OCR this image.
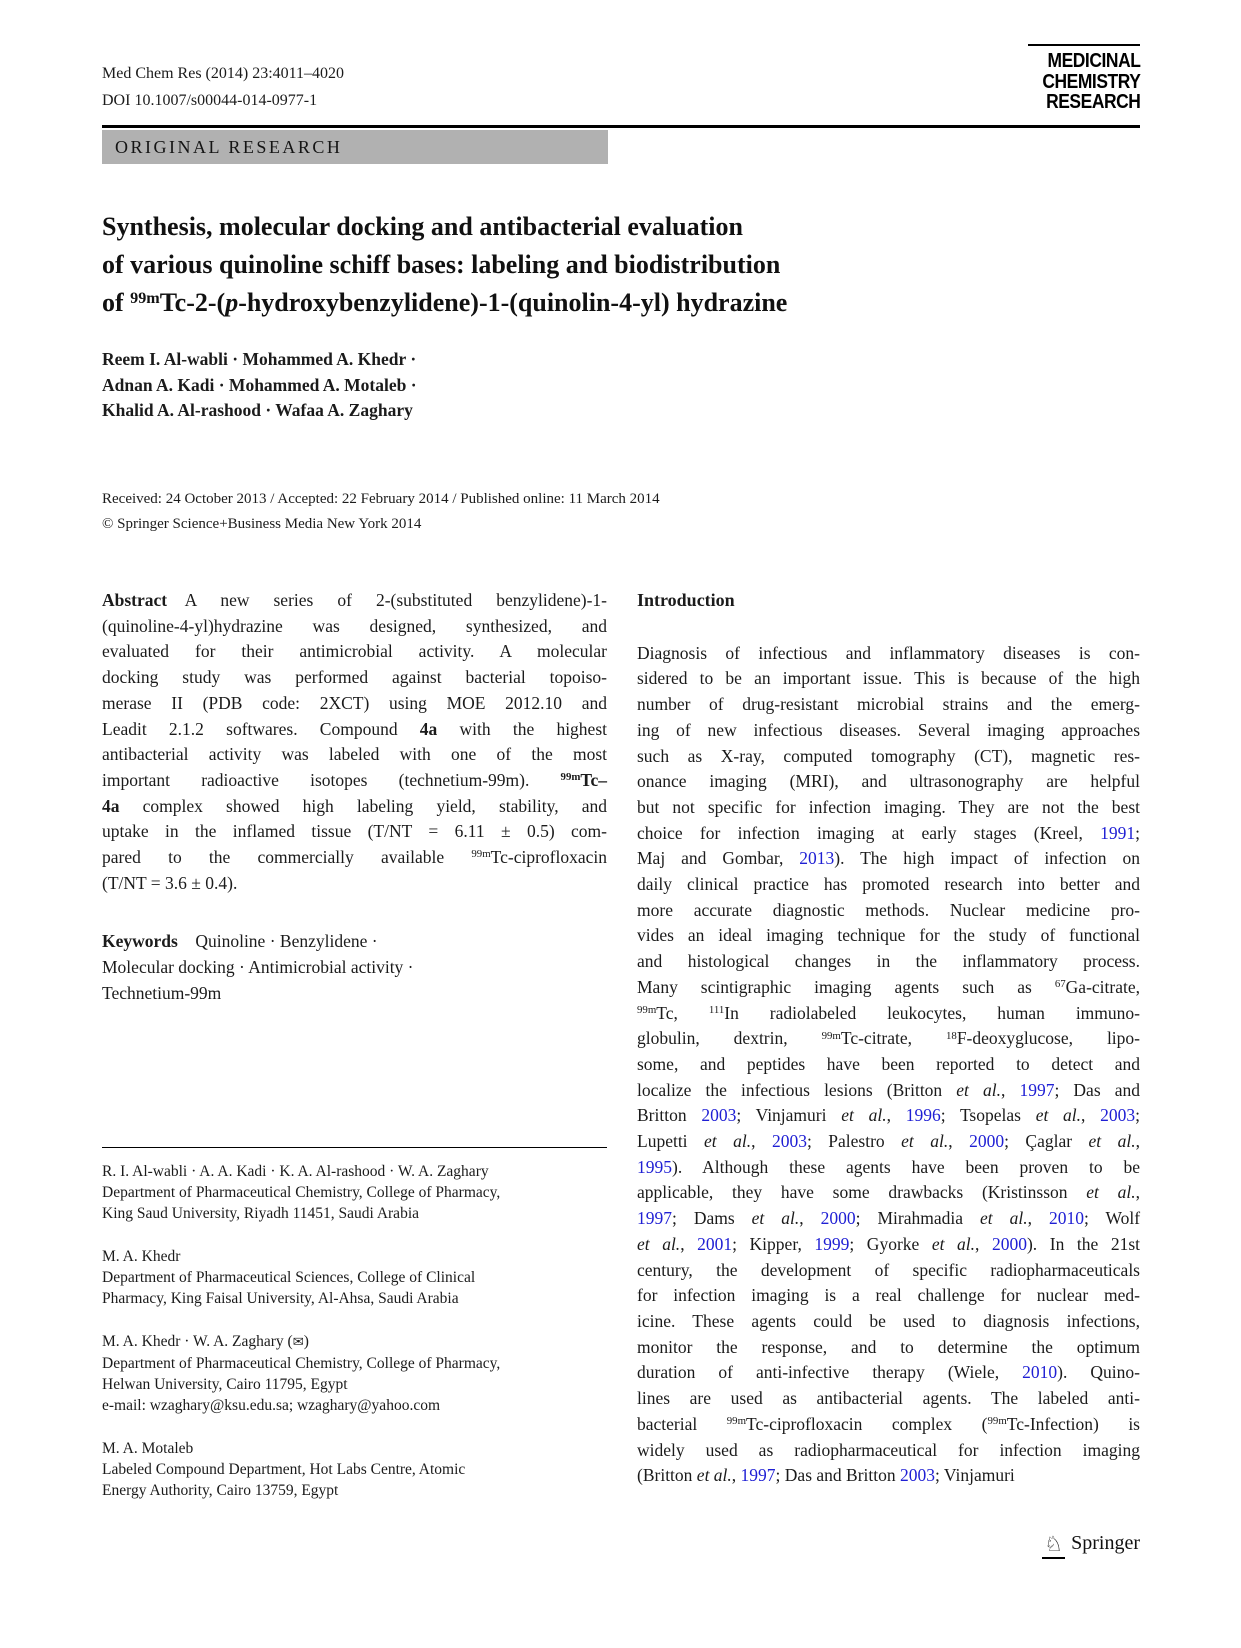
Med Chem Res (2014) 23:4011–4020
DOI 10.1007/s00044-014-0977-1
MEDICINAL
CHEMISTRY
RESEARCH
ORIGINAL RESEARCH
Synthesis, molecular docking and antibacterial evaluation
of various quinoline schiff bases: labeling and biodistribution
of $^{99m}$Tc-2-(p-hydroxybenzylidene)-1-(quinolin-4-yl) hydrazine
Reem I. Al-wabli · Mohammed A. Khedr ·
Adnan A. Kadi · Mohammed A. Motaleb ·
Khalid A. Al-rashood · Wafaa A. Zaghary
Received: 24 October 2013 / Accepted: 22 February 2014 / Published online: 11 March 2014
© Springer Science+Business Media New York 2014
Abstract A new series of 2-(substituted benzylidene)-1-
(quinoline-4-yl)hydrazine was designed, synthesized, and
evaluated for their antimicrobial activity. A molecular
docking study was performed against bacterial topoiso-
merase II (PDB code: 2XCT) using MOE 2012.10 and
Leadit 2.1.2 softwares. Compound 4a with the highest
antibacterial activity was labeled with one of the most
important radioactive isotopes (technetium-99m). $^{99m}$Tc–
4a complex showed high labeling yield, stability, and
uptake in the inflamed tissue (T/NT = 6.11 ± 0.5) com-
pared to the commercially available $^{99m}$Tc-ciprofloxacin
(T/NT = 3.6 ± 0.4).
Keywords Quinoline · Benzylidene ·
Molecular docking · Antimicrobial activity ·
Technetium-99m
Introduction
Diagnosis of infectious and inflammatory diseases is con-
sidered to be an important issue. This is because of the high
number of drug-resistant microbial strains and the emerg-
ing of new infectious diseases. Several imaging approaches
such as X-ray, computed tomography (CT), magnetic res-
onance imaging (MRI), and ultrasonography are helpful
but not specific for infection imaging. They are not the best
choice for infection imaging at early stages (Kreel, 1991;
Maj and Gombar, 2013). The high impact of infection on
daily clinical practice has promoted research into better and
more accurate diagnostic methods. Nuclear medicine pro-
vides an ideal imaging technique for the study of functional
and histological changes in the inflammatory process.
Many scintigraphic imaging agents such as $^{67}$Ga-citrate,
$^{99m}$Tc, $^{111}$In radiolabeled leukocytes, human immuno-
globulin, dextrin, $^{99m}$Tc-citrate, $^{18}$F-deoxyglucose, lipo-
some, and peptides have been reported to detect and
localize the infectious lesions (Britton et al., 1997; Das and
Britton 2003; Vinjamuri et al., 1996; Tsopelas et al., 2003;
Lupetti et al., 2003; Palestro et al., 2000; Çaglar et al.,
1995). Although these agents have been proven to be
applicable, they have some drawbacks (Kristinsson et al.,
1997; Dams et al., 2000; Mirahmadia et al., 2010; Wolf
et al., 2001; Kipper, 1999; Gyorke et al., 2000). In the 21st
century, the development of specific radiopharmaceuticals
for infection imaging is a real challenge for nuclear med-
icine. These agents could be used to diagnosis infections,
monitor the response, and to determine the optimum
duration of anti-infective therapy (Wiele, 2010). Quino-
lines are used as antibacterial agents. The labeled anti-
bacterial $^{99m}$Tc-ciprofloxacin complex ($^{99m}$Tc-Infection) is
widely used as radiopharmaceutical for infection imaging
(Britton et al., 1997; Das and Britton 2003; Vinjamuri
R. I. Al-wabli · A. A. Kadi · K. A. Al-rashood · W. A. Zaghary
Department of Pharmaceutical Chemistry, College of Pharmacy,
King Saud University, Riyadh 11451, Saudi Arabia
M. A. Khedr
Department of Pharmaceutical Sciences, College of Clinical
Pharmacy, King Faisal University, Al-Ahsa, Saudi Arabia
M. A. Khedr · W. A. Zaghary (✉)
Department of Pharmaceutical Chemistry, College of Pharmacy,
Helwan University, Cairo 11795, Egypt
e-mail: wzaghary@ksu.edu.sa; wzaghary@yahoo.com
M. A. Motaleb
Labeled Compound Department, Hot Labs Centre, Atomic
Energy Authority, Cairo 13759, Egypt
♘ Springer
